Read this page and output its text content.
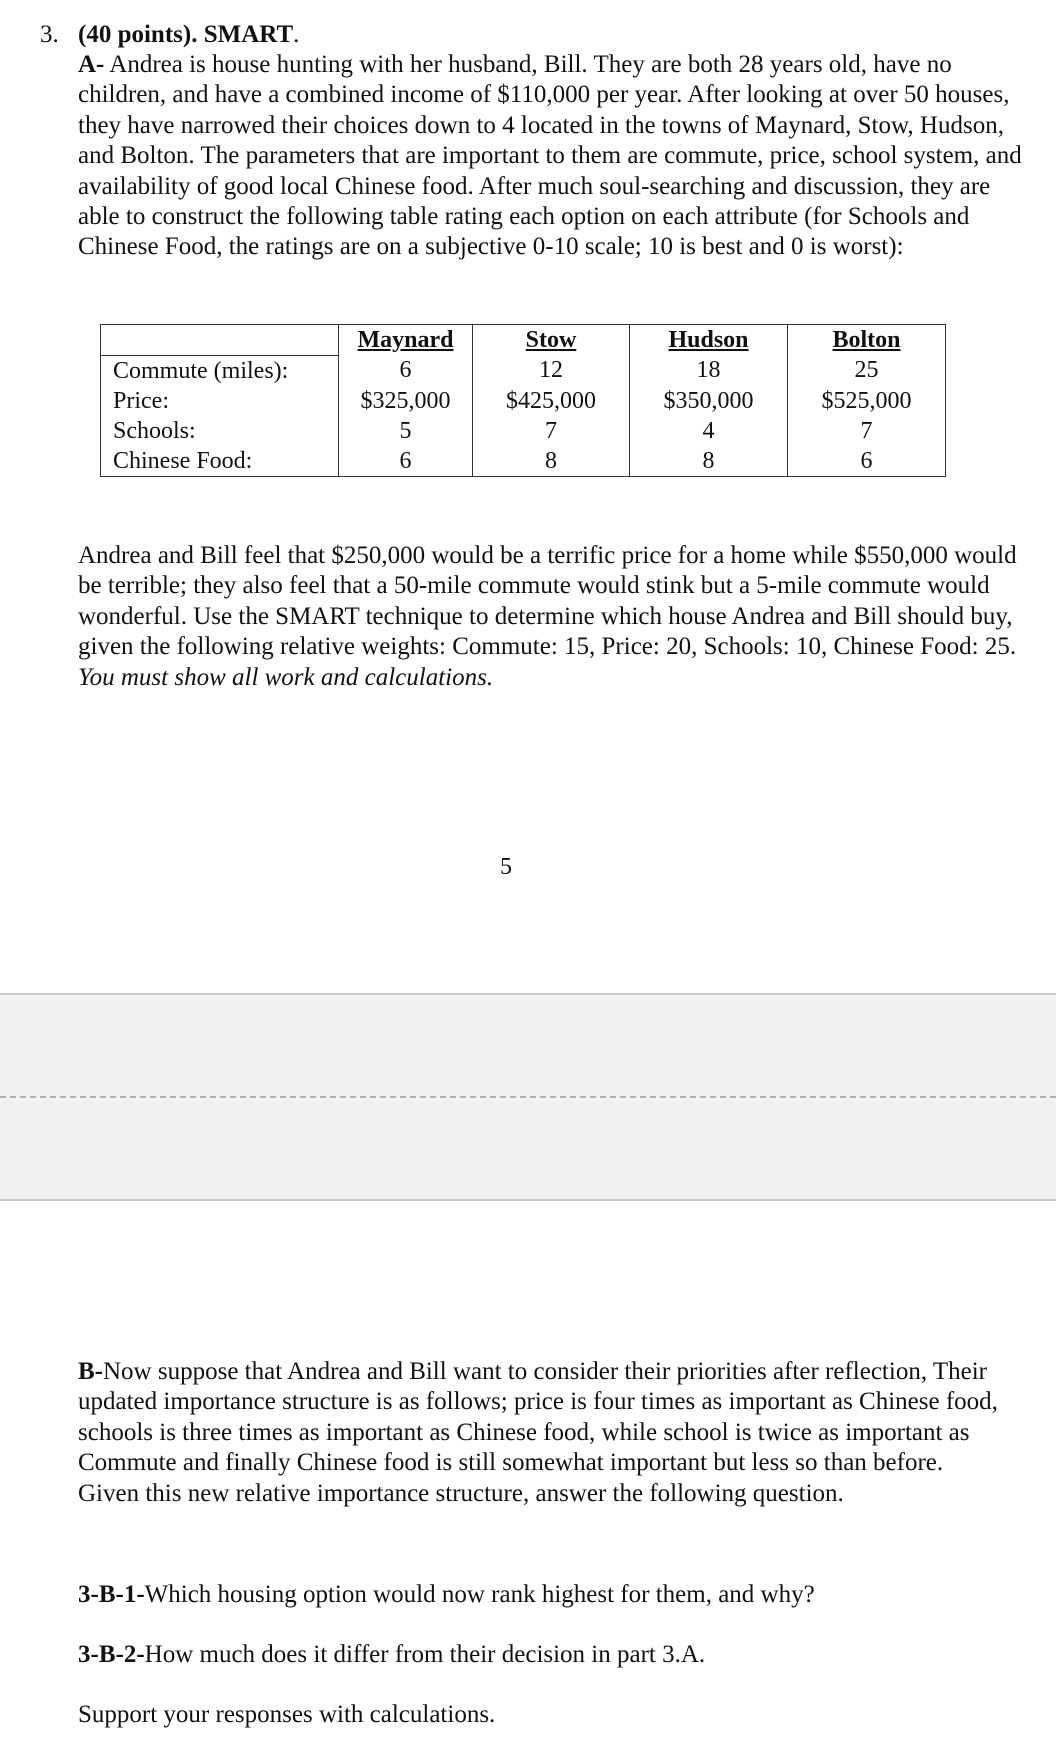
3. (40 points). SMART.

A- Andrea is house hunting with her husband, Bill. They are both 28 years old, have no children, and have a combined income of $110,000 per year. After looking at over 50 houses, they have narrowed their choices down to 4 located in the towns of Maynard, Stow, Hudson, and Bolton. The parameters that are important to them are commute, price, school system, and availability of good local Chinese food. After much soul-searching and discussion, they are able to construct the following table rating each option on each attribute (for Schools and Chinese Food, the ratings are on a subjective 0-10 scale; 10 is best and 0 is worst):

	Maynard	Stow	Hudson	Bolton
Commute (miles):	6	12	18	25
Price:	$325,000	$425,000	$350,000	$525,000
Schools:	5	7	4	7
Chinese Food:	6	8	8	6

Andrea and Bill feel that $250,000 would be a terrific price for a home while $550,000 would be terrible; they also feel that a 50-mile commute would stink but a 5-mile commute would wonderful. Use the SMART technique to determine which house Andrea and Bill should buy, given the following relative weights: Commute: 15, Price: 20, Schools: 10, Chinese Food: 25. You must show all work and calculations.

5

B-Now suppose that Andrea and Bill want to consider their priorities after reflection, Their updated importance structure is as follows; price is four times as important as Chinese food, schools is three times as important as Chinese food, while school is twice as important as Commute and finally Chinese food is still somewhat important but less so than before.

Given this new relative importance structure, answer the following question.

3-B-1-Which housing option would now rank highest for them, and why?

3-B-2-How much does it differ from their decision in part 3.A.

Support your responses with calculations.
